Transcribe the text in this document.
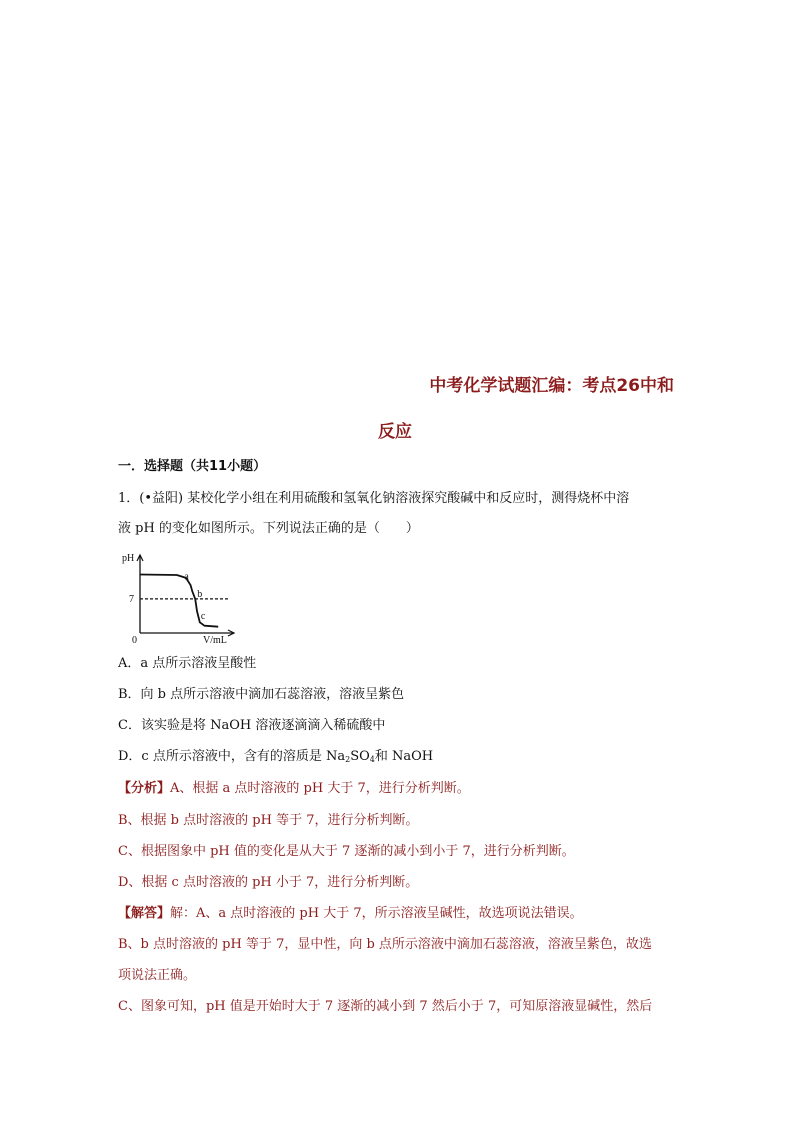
中考化学试题汇编：考点26中和
反应
一．选择题（共11小题）
1．(•益阳) 某校化学小组在利用硫酸和氢氧化钠溶液探究酸碱中和反应时，测得烧杯中溶
液 pH 的变化如图所示。下列说法正确的是（　　）
pH
V/mL
0
7
a
b
c
A．a 点所示溶液呈酸性
B．向 b 点所示溶液中滴加石蕊溶液，溶液呈紫色
C．该实验是将 NaOH 溶液逐滴滴入稀硫酸中
D．c 点所示溶液中，含有的溶质是 $Na_2SO_4$和 NaOH
【分析】A、根据 a 点时溶液的 pH 大于 7，进行分析判断。
B、根据 b 点时溶液的 pH 等于 7，进行分析判断。
C、根据图象中 pH 值的变化是从大于 7 逐渐的减小到小于 7，进行分析判断。
D、根据 c 点时溶液的 pH 小于 7，进行分析判断。
【解答】解：A、a 点时溶液的 pH 大于 7，所示溶液呈碱性，故选项说法错误。
B、b 点时溶液的 pH 等于 7，显中性，向 b 点所示溶液中滴加石蕊溶液，溶液呈紫色，故选
项说法正确。
C、图象可知，pH 值是开始时大于 7 逐渐的减小到 7 然后小于 7，可知原溶液显碱性，然后
